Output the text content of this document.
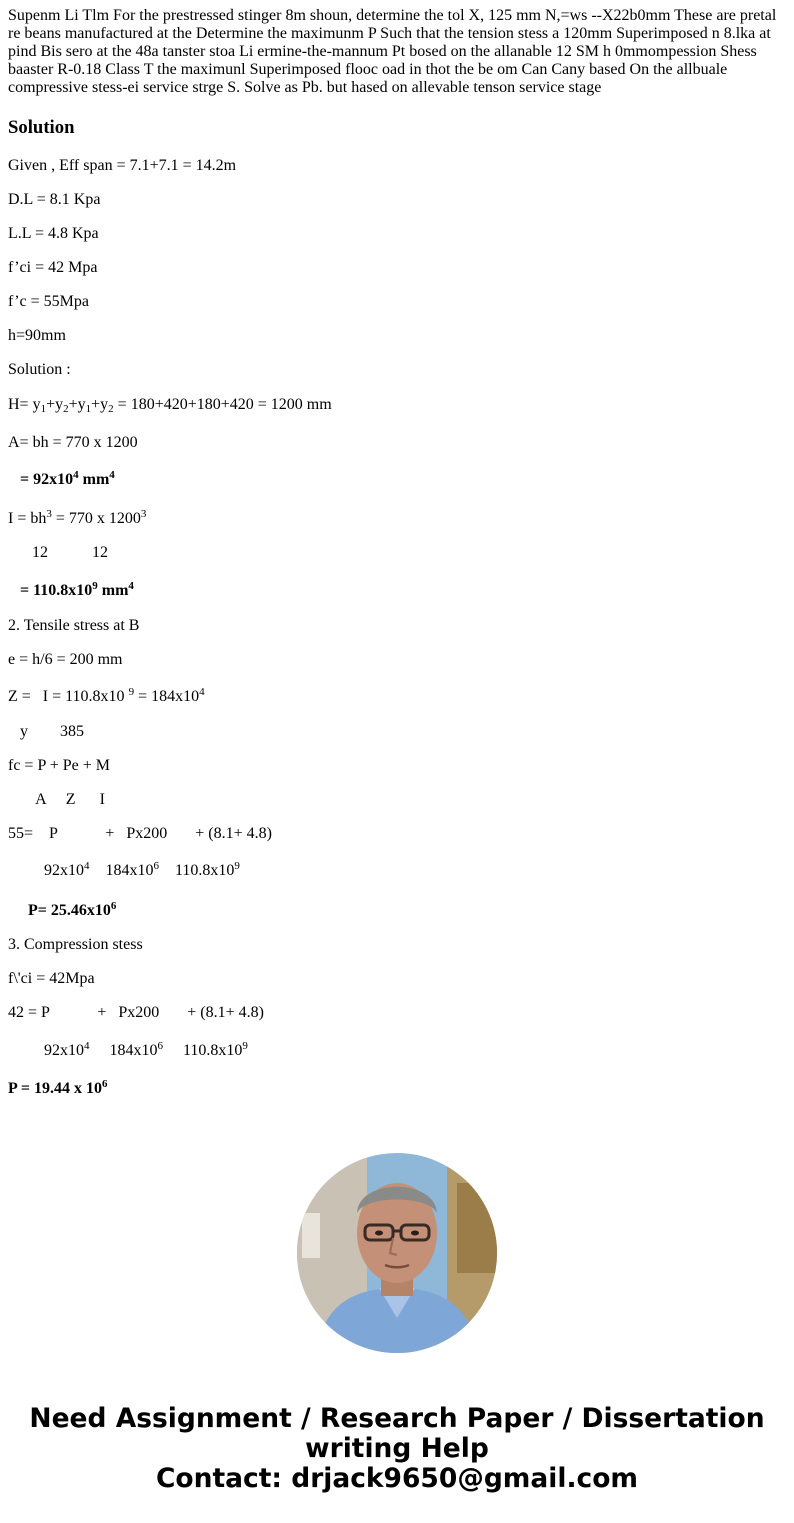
Supenm Li Tlm For the prestressed stinger 8m shoun, determine the tol X, 125 mm N,=ws --X22b0mm These are pretal re beans manufactured at the Determine the maximunm P Such that the tension stess a 120mm Superimposed n 8.lka at pind Bis sero at the 48a tanster stoa Li ermine-the-mannum Pt bosed on the allanable 12 SM h 0mmompession Shess baaster R-0.18 Class T the maximunl Superimposed flooc oad in thot the be om Can Cany based On the allbuale compressive stess-ei service strge S. Solve as Pb. but hased on allevable tenson service stage
Solution

Given , Eff span = 7.1+7.1 = 14.2m

D.L = 8.1 Kpa

L.L = 4.8 Kpa

f’ci = 42 Mpa

f’c = 55Mpa

h=90mm

Solution :

$H= y_1+y_2+y_1+y_2 = 180+420+180+420 = 1200$ mm

A= bh = 770 x 1200

= $92x10^4$ $mm^4$

$I = bh^3 = 770$ x 1200$^3$

12           12

= $110.8x10^9$ $mm^4$

2. Tensile stress at B

e = h/6 = 200 mm

Z =   I = 110.8x10 $^9 = 184x10^4$

y        385

fc = P + Pe + M

A     Z      I

55=    P            +   Px200       + (8.1+ 4.8)

$92x10^4$    $184x10^6$    $110.8x10^9$

$P= 25.46x10^6$

3. Compression stess

f\'ci = 42Mpa

42 = P            +   Px200       + (8.1+ 4.8)

$92x10^4$     $184x10^6$     $110.8x10^9$

P = 19.44 x $10^6$

Need Assignment / Research Paper / Dissertation
writing Help
Contact: drjack9650@gmail.com
